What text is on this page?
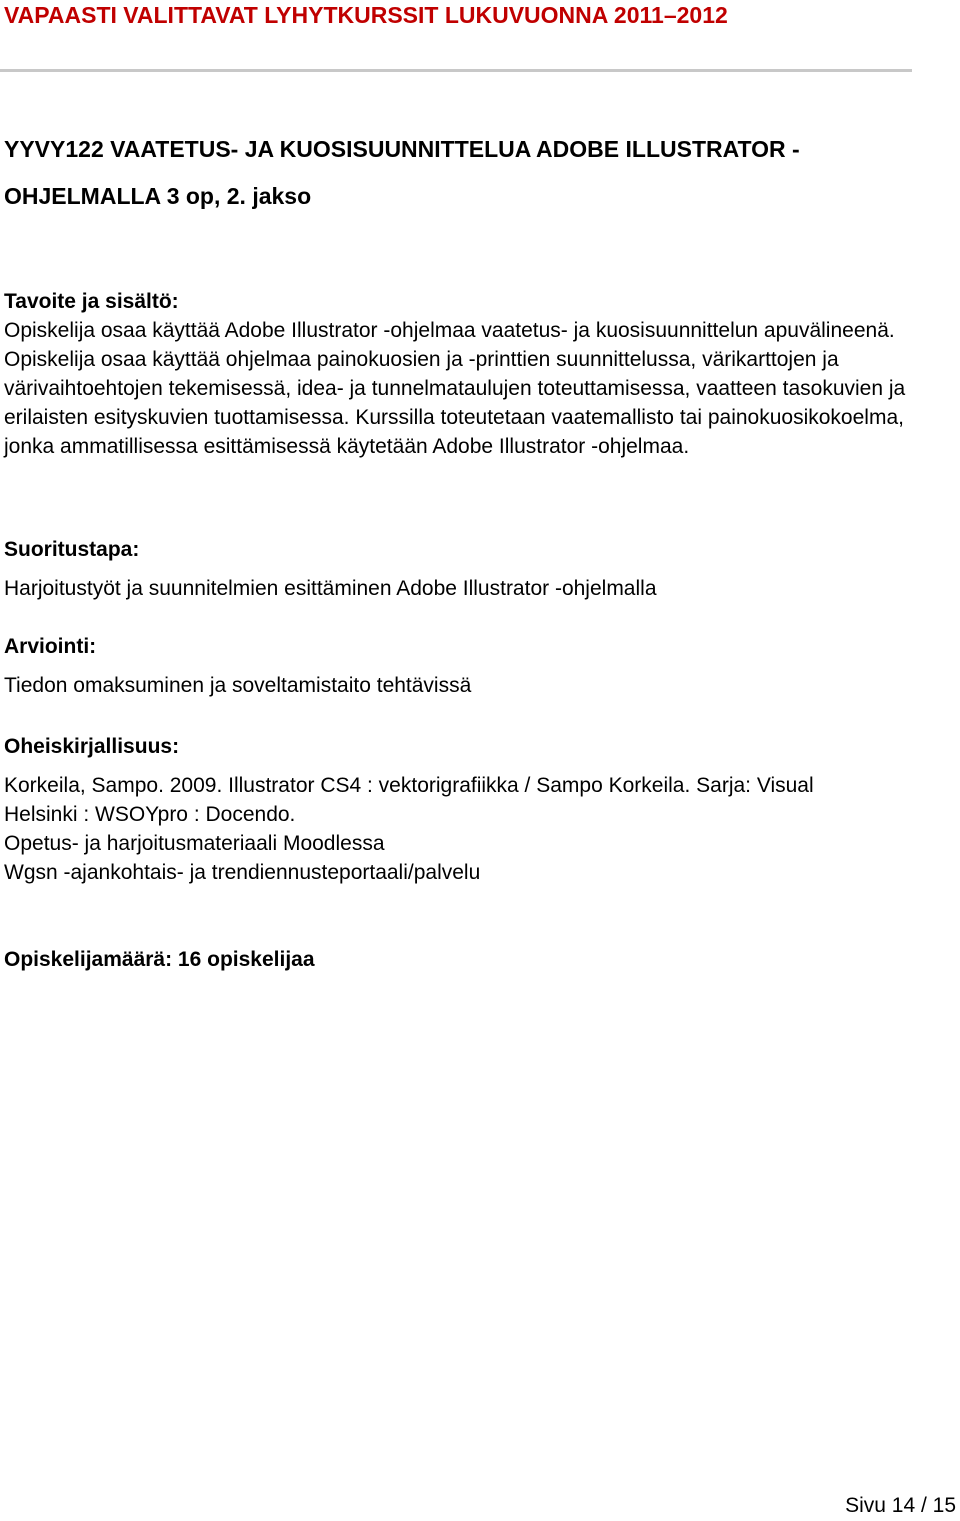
VAPAASTI VALITTAVAT LYHYTKURSSIT LUKUVUONNA 2011–2012
YYVY122 VAATETUS- JA KUOSISUUNNITTELUA ADOBE ILLUSTRATOR -OHJELMALLA 3 op, 2. jakso
Tavoite ja sisältö:
Opiskelija osaa käyttää Adobe Illustrator -ohjelmaa vaatetus- ja kuosisuunnittelun apuvälineenä. Opiskelija osaa käyttää ohjelmaa painokuosien ja -printtien suunnittelussa, värikarttojen ja värivaihtoehtojen tekemisessä, idea- ja tunnelmataulujen toteuttamisessa, vaatteen tasokuvien ja erilaisten esityskuvien tuottamisessa. Kurssilla toteutetaan vaatemallisto tai painokuosikokoelma, jonka ammatillisessa esittämisessä käytetään Adobe Illustrator -ohjelmaa.
Suoritustapa:
Harjoitustyöt ja suunnitelmien esittäminen Adobe Illustrator -ohjelmalla
Arviointi:
Tiedon omaksuminen ja soveltamistaito tehtävissä
Oheiskirjallisuus:
Korkeila, Sampo. 2009. Illustrator CS4 : vektorigrafiikka / Sampo Korkeila. Sarja: Visual
Helsinki : WSOYpro : Docendo.
Opetus- ja harjoitusmateriaali Moodlessa
Wgsn -ajankohtais- ja trendiennusteportaali/palvelu
Opiskelijamäärä: 16 opiskelijaa
Sivu 14 / 15
